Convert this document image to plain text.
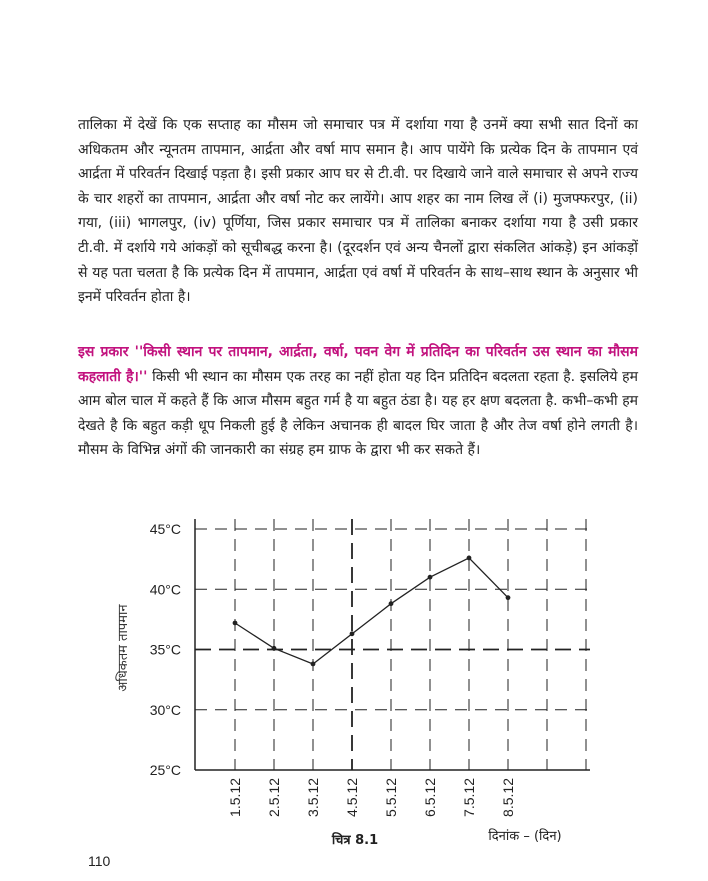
तालिका में देखें कि एक सप्ताह का मौसम जो समाचार पत्र में दर्शाया गया है उनमें क्या सभी सात दिनों का अधिकतम और न्यूनतम तापमान, आर्द्रता और वर्षा माप समान है। आप पायेंगे कि प्रत्येक दिन के तापमान एवं आर्द्रता में परिवर्तन दिखाई पड़ता है। इसी प्रकार आप घर से टी.वी. पर दिखाये जाने वाले समाचार से अपने राज्य के चार शहरों का तापमान, आर्द्रता और वर्षा नोट कर लायेंगे। आप शहर का नाम लिख लें (i) मुजफ्फरपुर, (ii) गया, (iii) भागलपुर, (iv) पूर्णिया, जिस प्रकार समाचार पत्र में तालिका बनाकर दर्शाया गया है उसी प्रकार टी.वी. में दर्शाये गये आंकड़ों को सूचीबद्ध करना है। (दूरदर्शन एवं अन्य चैनलों द्वारा संकलित आंकड़े) इन आंकड़ों से यह पता चलता है कि प्रत्येक दिन में तापमान, आर्द्रता एवं वर्षा में परिवर्तन के साथ–साथ स्थान के अनुसार भी इनमें परिवर्तन होता है।
इस प्रकार ''किसी स्थान पर तापमान, आर्द्रता, वर्षा, पवन वेग में प्रतिदिन का परिवर्तन उस स्थान का मौसम कहलाती है।'' किसी भी स्थान का मौसम एक तरह का नहीं होता यह दिन प्रतिदिन बदलता रहता है. इसलिये हम आम बोल चाल में कहते हैं कि आज मौसम बहुत गर्म है या बहुत ठंडा है। यह हर क्षण बदलता है. कभी–कभी हम देखते है कि बहुत कड़ी धूप निकली हुई है लेकिन अचानक ही बादल घिर जाता है और तेज वर्षा होने लगती है। मौसम के विभिन्न अंगों की जानकारी का संग्रह हम ग्राफ के द्वारा भी कर सकते हैं।
25°C
30°C
35°C
40°C
45°C
1.5.12 2.5.12 3.5.12 4.5.12 5.5.12 6.5.12 7.5.12 8.5.12
अधिकतम तापमान
चित्र 8.1	दिनांक – (दिन)
110
